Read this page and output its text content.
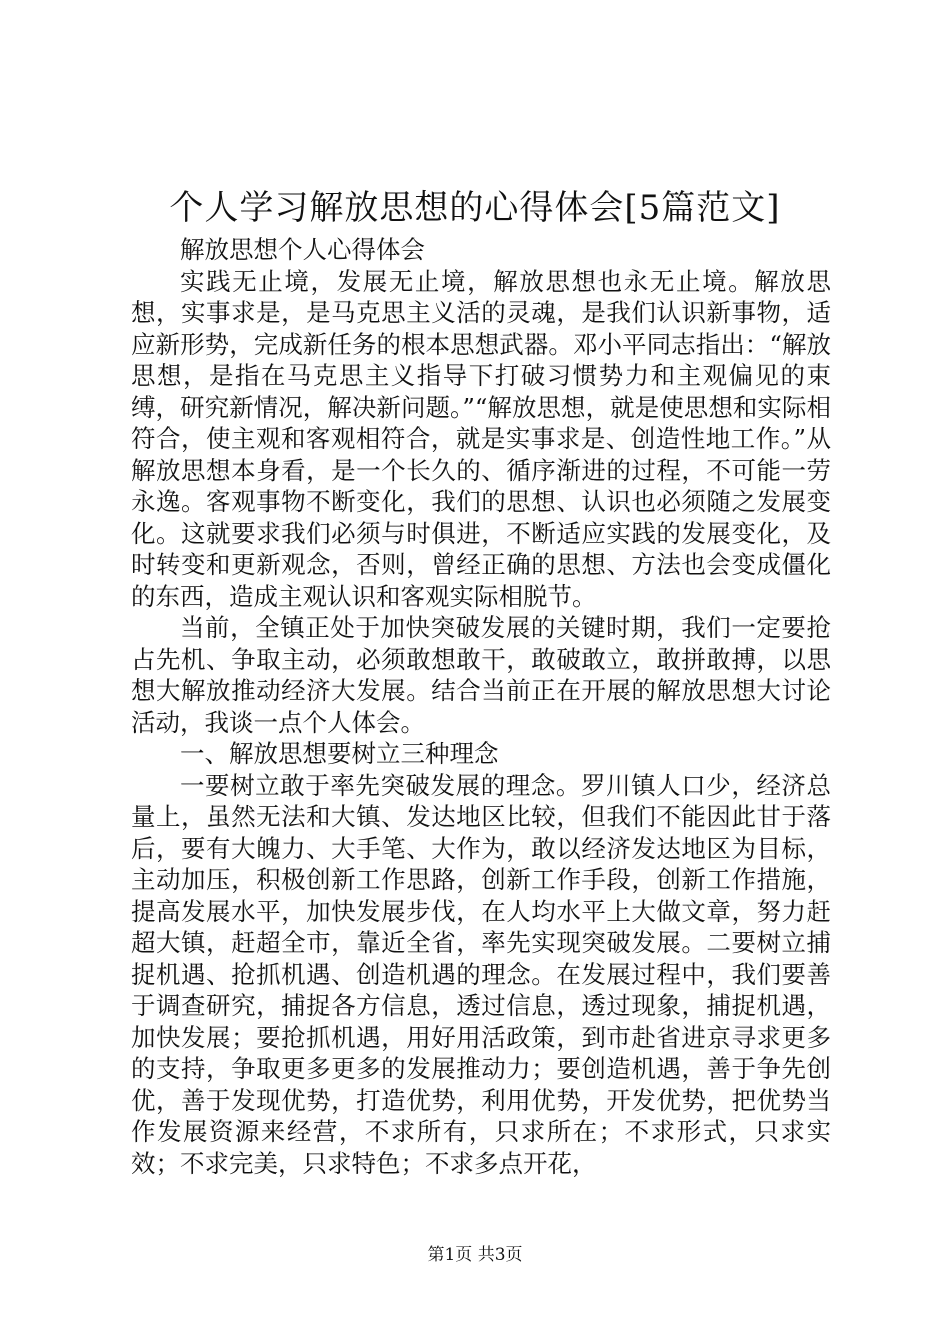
个人学习解放思想的心得体会[5篇范文]

解放思想个人心得体会

实践无止境，发展无止境，解放思想也永无止境。解放思想，实事求是，是马克思主义活的灵魂，是我们认识新事物，适应新形势，完成新任务的根本思想武器。邓小平同志指出：“解放思想，是指在马克思主义指导下打破习惯势力和主观偏见的束缚，研究新情况，解决新问题。”“解放思想，就是使思想和实际相符合，使主观和客观相符合，就是实事求是、创造性地工作。”从解放思想本身看，是一个长久的、循序渐进的过程，不可能一劳永逸。客观事物不断变化，我们的思想、认识也必须随之发展变化。这就要求我们必须与时俱进，不断适应实践的发展变化，及时转变和更新观念，否则，曾经正确的思想、方法也会变成僵化的东西，造成主观认识和客观实际相脱节。

当前，全镇正处于加快突破发展的关键时期，我们一定要抢占先机、争取主动，必须敢想敢干，敢破敢立，敢拼敢搏，以思想大解放推动经济大发展。结合当前正在开展的解放思想大讨论活动，我谈一点个人体会。

一、解放思想要树立三种理念

一要树立敢于率先突破发展的理念。罗川镇人口少，经济总量上，虽然无法和大镇、发达地区比较，但我们不能因此甘于落后，要有大魄力、大手笔、大作为，敢以经济发达地区为目标，主动加压，积极创新工作思路，创新工作手段，创新工作措施，提高发展水平，加快发展步伐，在人均水平上大做文章，努力赶超大镇，赶超全市，靠近全省，率先实现突破发展。二要树立捕捉机遇、抢抓机遇、创造机遇的理念。在发展过程中，我们要善于调查研究，捕捉各方信息，透过信息，透过现象，捕捉机遇，加快发展；要抢抓机遇，用好用活政策，到市赴省进京寻求更多的支持，争取更多更多的发展推动力；要创造机遇，善于争先创优，善于发现优势，打造优势，利用优势，开发优势，把优势当作发展资源来经营，不求所有，只求所在；不求形式，只求实效；不求完美，只求特色；不求多点开花，

第1页 共3页
